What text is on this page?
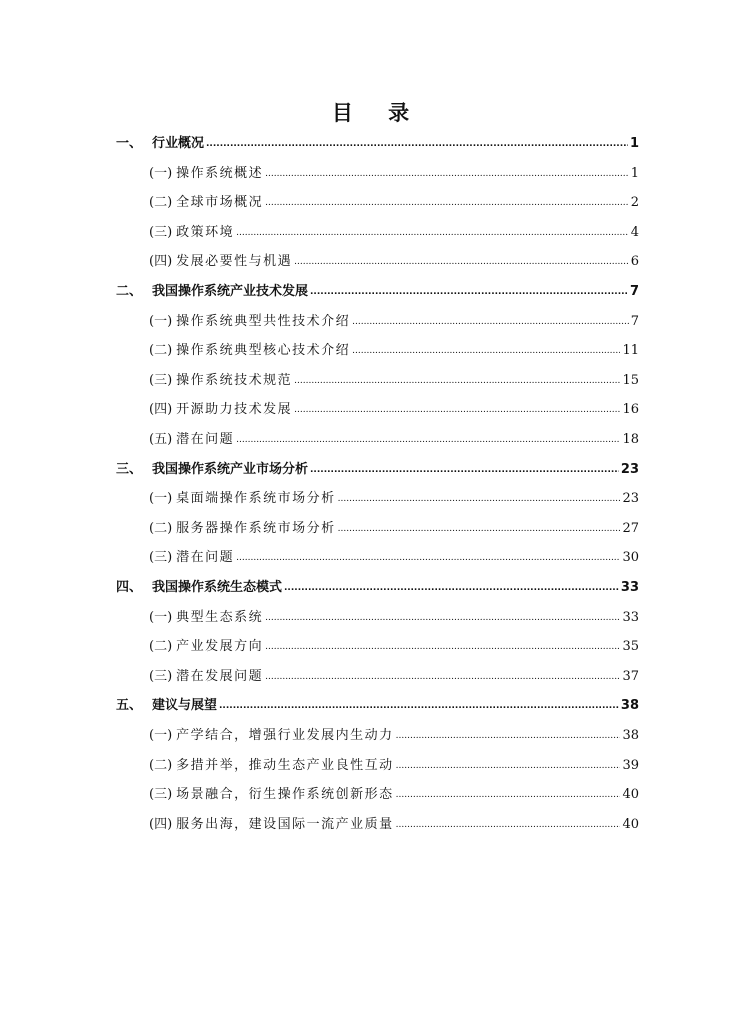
目 录
一、 行业概况 .....	1
(一) 操作系统概述 .....	1
(二) 全球市场概况 .....	2
(三) 政策环境 .....	4
(四) 发展必要性与机遇 .....	6
二、 我国操作系统产业技术发展 .....	7
(一) 操作系统典型共性技术介绍 .....	7
(二) 操作系统典型核心技术介绍 .....	11
(三) 操作系统技术规范 .....	15
(四) 开源助力技术发展 .....	16
(五) 潜在问题 .....	18
三、 我国操作系统产业市场分析 .....	23
(一) 桌面端操作系统市场分析 .....	23
(二) 服务器操作系统市场分析 .....	27
(三) 潜在问题 .....	30
四、 我国操作系统生态模式 .....	33
(一) 典型生态系统 .....	33
(二) 产业发展方向 .....	35
(三) 潜在发展问题 .....	37
五、 建议与展望 .....	38
(一) 产学结合，增强行业发展内生动力 .....	38
(二) 多措并举，推动生态产业良性互动 .....	39
(三) 场景融合，衍生操作系统创新形态 .....	40
(四) 服务出海，建设国际一流产业质量 .....	40
